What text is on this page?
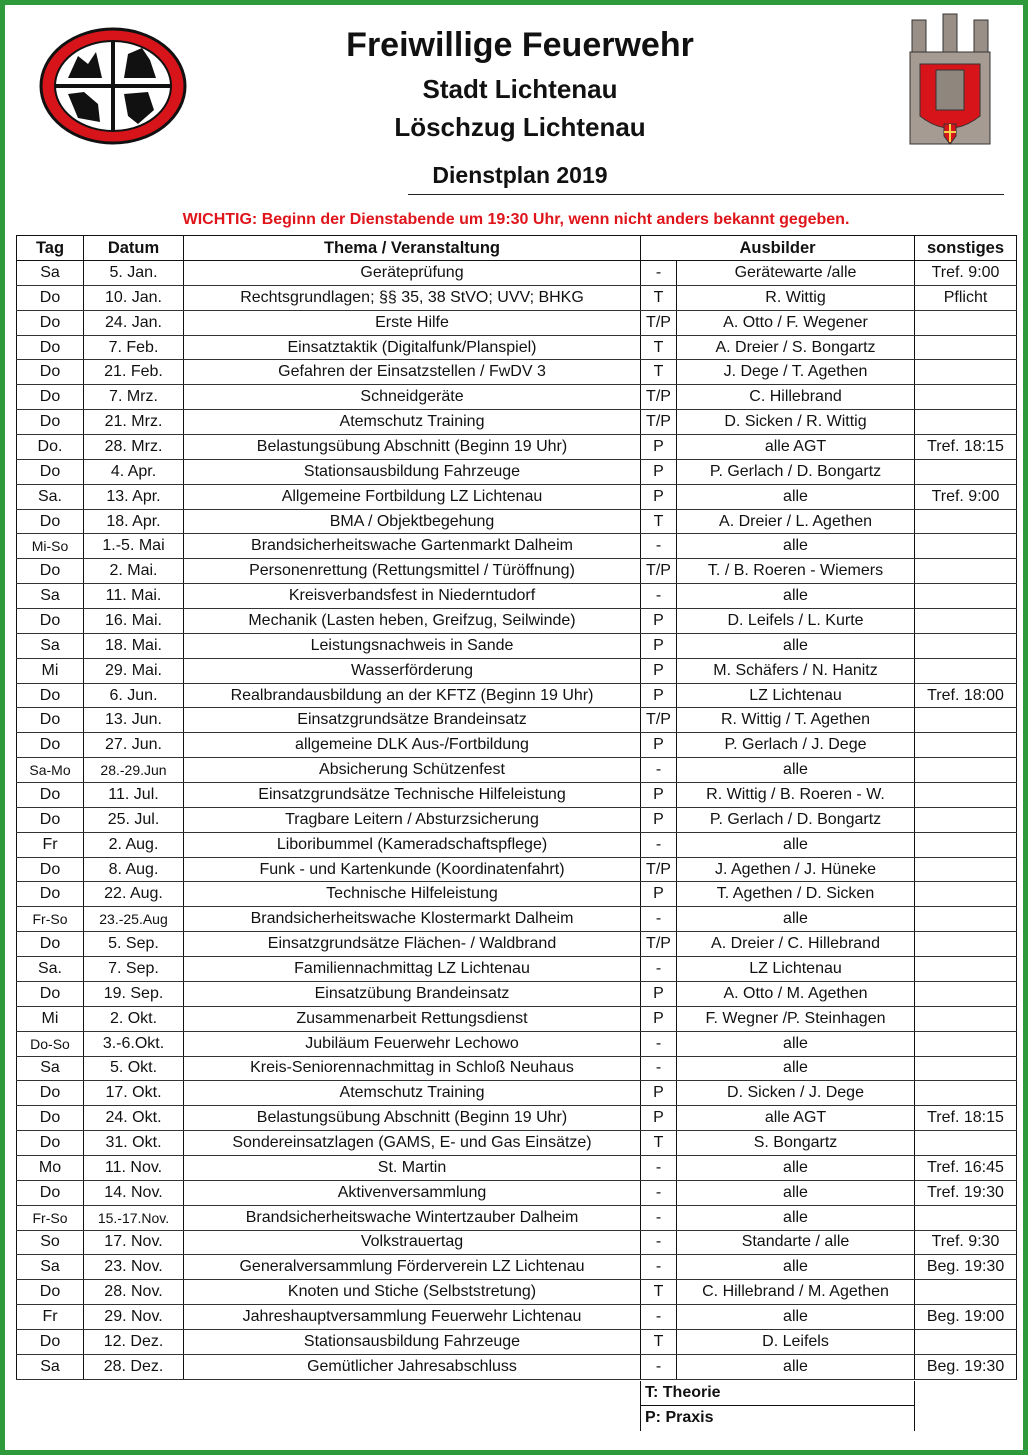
Freiwillige Feuerwehr
Stadt Lichtenau
Löschzug Lichtenau
Dienstplan 2019
WICHTIG: Beginn der Dienstabende um 19:30 Uhr, wenn nicht anders bekannt gegeben.
Tag	Datum	Thema / Veranstaltung	Ausbilder		sonstiges
Sa	5. Jan.	Geräteprüfung	-	Gerätewarte /alle	Tref. 9:00
Do	10. Jan.	Rechtsgrundlagen; §§ 35, 38 StVO; UVV; BHKG	T	R. Wittig	Pflicht
Do	24. Jan.	Erste Hilfe	T/P	A. Otto / F. Wegener	
Do	7. Feb.	Einsatztaktik (Digitalfunk/Planspiel)	T	A. Dreier / S. Bongartz	
Do	21. Feb.	Gefahren der Einsatzstellen / FwDV 3	T	J. Dege / T. Agethen	
Do	7. Mrz.	Schneidgeräte	T/P	C. Hillebrand	
Do	21. Mrz.	Atemschutz Training	T/P	D. Sicken / R. Wittig	
Do.	28. Mrz.	Belastungsübung Abschnitt (Beginn 19 Uhr)	P	alle AGT	Tref. 18:15
Do	4. Apr.	Stationsausbildung Fahrzeuge	P	P. Gerlach / D. Bongartz	
Sa.	13. Apr.	Allgemeine Fortbildung LZ Lichtenau	P	alle	Tref. 9:00
Do	18. Apr.	BMA / Objektbegehung	T	A. Dreier / L. Agethen	
Mi-So	1.-5. Mai	Brandsicherheitswache Gartenmarkt Dalheim	-	alle	
Do	2. Mai.	Personenrettung (Rettungsmittel / Türöffnung)	T/P	T. / B. Roeren - Wiemers	
Sa	11. Mai.	Kreisverbandsfest in Niederntudorf	-	alle	
Do	16. Mai.	Mechanik (Lasten heben, Greifzug, Seilwinde)	P	D. Leifels / L. Kurte	
Sa	18. Mai.	Leistungsnachweis in Sande	P	alle	
Mi	29. Mai.	Wasserförderung	P	M. Schäfers / N. Hanitz	
Do	6. Jun.	Realbrandausbildung an der KFTZ (Beginn 19 Uhr)	P	LZ Lichtenau	Tref. 18:00
Do	13. Jun.	Einsatzgrundsätze Brandeinsatz	T/P	R. Wittig / T. Agethen	
Do	27. Jun.	allgemeine DLK Aus-/Fortbildung	P	P. Gerlach / J. Dege	
Sa-Mo	28.-29.Jun	Absicherung Schützenfest	-	alle	
Do	11. Jul.	Einsatzgrundsätze Technische Hilfeleistung	P	R. Wittig / B. Roeren - W.	
Do	25. Jul.	Tragbare Leitern / Absturzsicherung	P	P. Gerlach / D. Bongartz	
Fr	2. Aug.	Liboribummel (Kameradschaftspflege)	-	alle	
Do	8. Aug.	Funk - und Kartenkunde (Koordinatenfahrt)	T/P	J. Agethen / J. Hüneke	
Do	22. Aug.	Technische Hilfeleistung	P	T. Agethen / D. Sicken	
Fr-So	23.-25.Aug	Brandsicherheitswache Klostermarkt Dalheim	-	alle	
Do	5. Sep.	Einsatzgrundsätze Flächen- / Waldbrand	T/P	A. Dreier / C. Hillebrand	
Sa.	7. Sep.	Familiennachmittag LZ Lichtenau	-	LZ Lichtenau	
Do	19. Sep.	Einsatzübung Brandeinsatz	P	A. Otto / M. Agethen	
Mi	2. Okt.	Zusammenarbeit Rettungsdienst	P	F. Wegner /P. Steinhagen	
Do-So	3.-6.Okt.	Jubiläum Feuerwehr Lechowo	-	alle	
Sa	5. Okt.	Kreis-Seniorennachmittag in Schloß Neuhaus	-	alle	
Do	17. Okt.	Atemschutz Training	P	D. Sicken / J. Dege	
Do	24. Okt.	Belastungsübung Abschnitt (Beginn 19 Uhr)	P	alle AGT	Tref. 18:15
Do	31. Okt.	Sondereinsatzlagen (GAMS, E- und Gas Einsätze)	T	S. Bongartz	
Mo	11. Nov.	St. Martin	-	alle	Tref. 16:45
Do	14. Nov.	Aktivenversammlung	-	alle	Tref. 19:30
Fr-So	15.-17.Nov.	Brandsicherheitswache Wintertzauber Dalheim	-	alle	
So	17. Nov.	Volkstrauertag	-	Standarte / alle	Tref. 9:30
Sa	23. Nov.	Generalversammlung Förderverein LZ Lichtenau	-	alle	Beg. 19:30
Do	28. Nov.	Knoten und Stiche (Selbststretung)	T	C. Hillebrand / M. Agethen	
Fr	29. Nov.	Jahreshauptversammlung Feuerwehr Lichtenau	-	alle	Beg. 19:00
Do	12. Dez.	Stationsausbildung Fahrzeuge	T	D. Leifels	
Sa	28. Dez.	Gemütlicher Jahresabschluss	-	alle	Beg. 19:30
T: Theorie
P: Praxis
